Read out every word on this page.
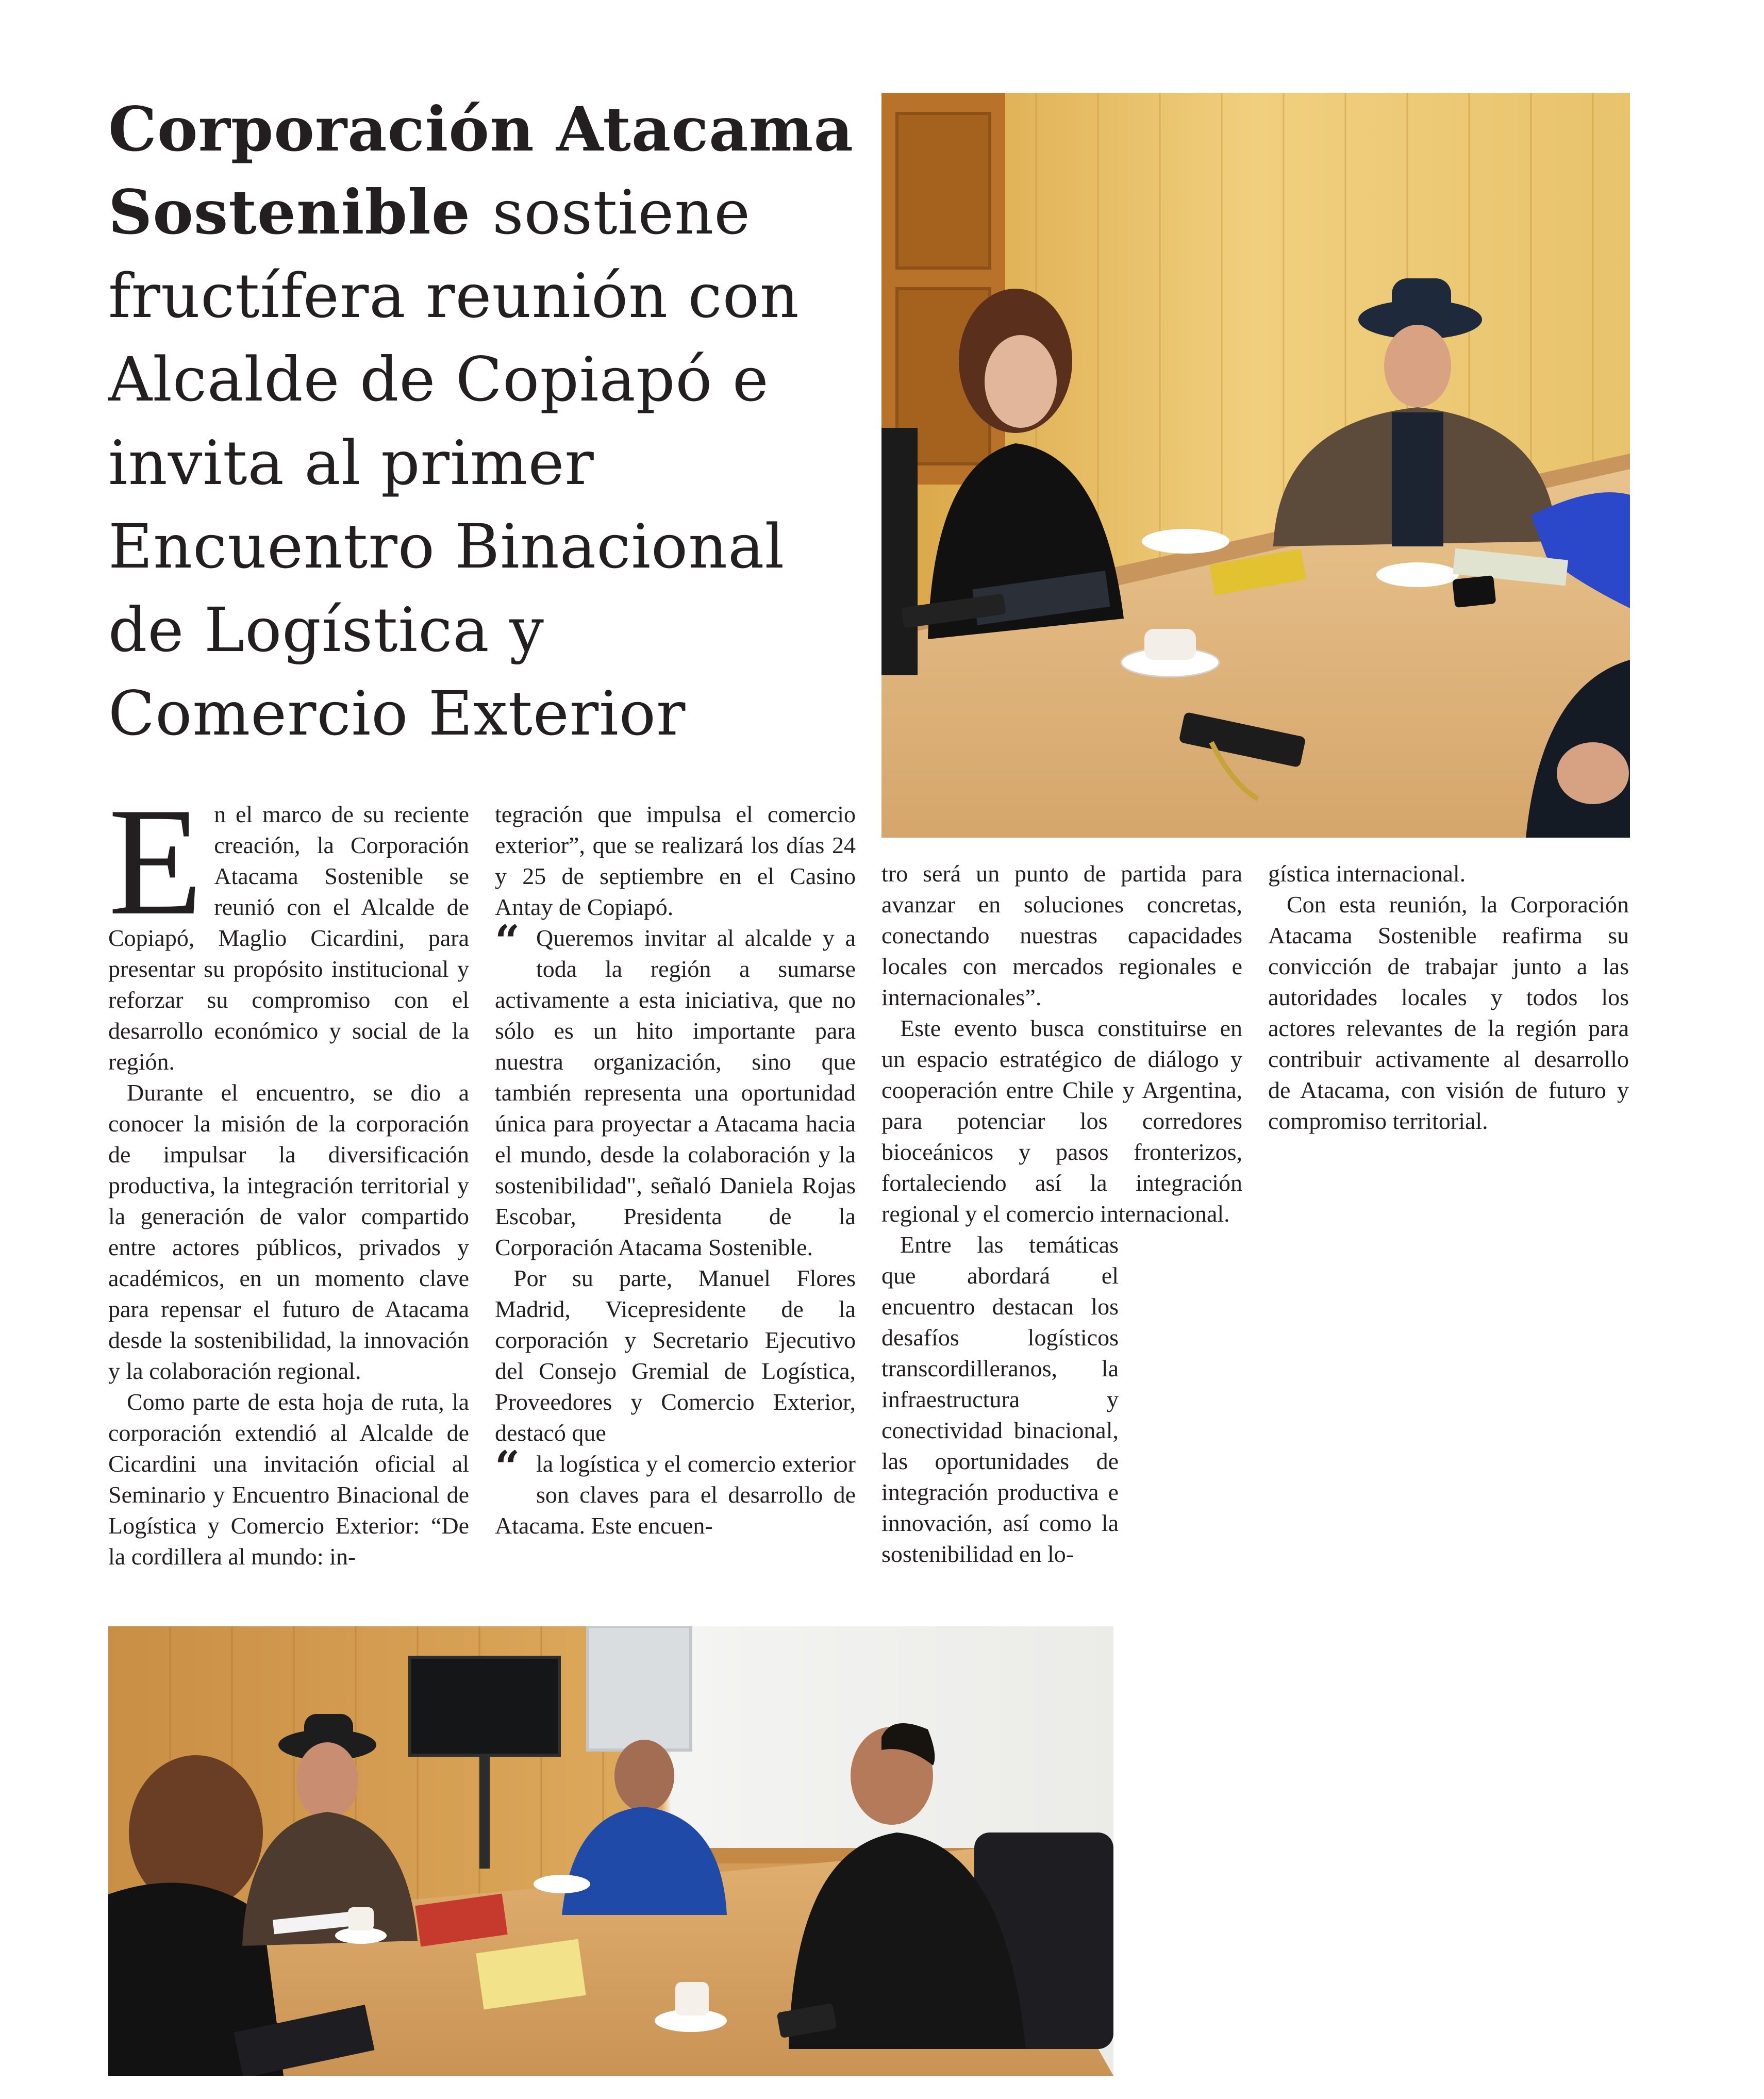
Corporación Atacama Sostenible sostiene fructífera reunión con Alcalde de Copiapó e invita al primer Encuentro Binacional de Logística y Comercio Exterior
E n el marco de su reciente creación, la Corporación Atacama Sostenible se reunió con el Alcalde de Copiapó, Maglio Cicardini, para presentar su propósito institucional y reforzar su compromiso con el desarrollo económico y social de la región.

Durante el encuentro, se dio a conocer la misión de la corporación de impulsar la diversificación productiva, la integración territorial y la generación de valor compartido entre actores públicos, privados y académicos, en un momento clave para repensar el futuro de Atacama desde la sostenibilidad, la innovación y la colaboración regional.

Como parte de esta hoja de ruta, la corporación extendió al Alcalde de Cicardini una invitación oficial al Seminario y Encuentro Binacional de Logística y Comercio Exterior: “De la cordillera al mundo: in-

tegración que impulsa el comercio exterior”, que se realizará los días 24 y 25 de septiembre en el Casino Antay de Copiapó.

“ Queremos invitar al alcalde y a toda la región a sumarse activamente a esta iniciativa, que no sólo es un hito importante para nuestra organización, sino que también representa una oportunidad única para proyectar a Atacama hacia el mundo, desde la colaboración y la sostenibilidad", señaló Daniela Rojas Escobar, Presidenta de la Corporación Atacama Sostenible.

Por su parte, Manuel Flores Madrid, Vicepresidente de la corporación y Secretario Ejecutivo del Consejo Gremial de Logística, Proveedores y Comercio Exterior, destacó que

“ la logística y el comercio exterior son claves para el desarrollo de Atacama. Este encuen-

tro será un punto de partida para avanzar en soluciones concretas, conectando nuestras capacidades locales con mercados regionales e internacionales”.

Este evento busca constituirse en un espacio estratégico de diálogo y cooperación entre Chile y Argentina, para potenciar los corredores bioceánicos y pasos fronterizos, fortaleciendo así la integración regional y el comercio internacional.

Entre las temáticas que abordará el encuentro destacan los desafíos logísticos transcordilleranos, la infraestructura y conectividad binacional, las oportunidades de integración productiva e innovación, así como la sostenibilidad en lo-

gística internacional.

Con esta reunión, la Corporación Atacama Sostenible reafirma su convicción de trabajar junto a las autoridades locales y todos los actores relevantes de la región para contribuir activamente al desarrollo de Atacama, con visión de futuro y compromiso territorial.
